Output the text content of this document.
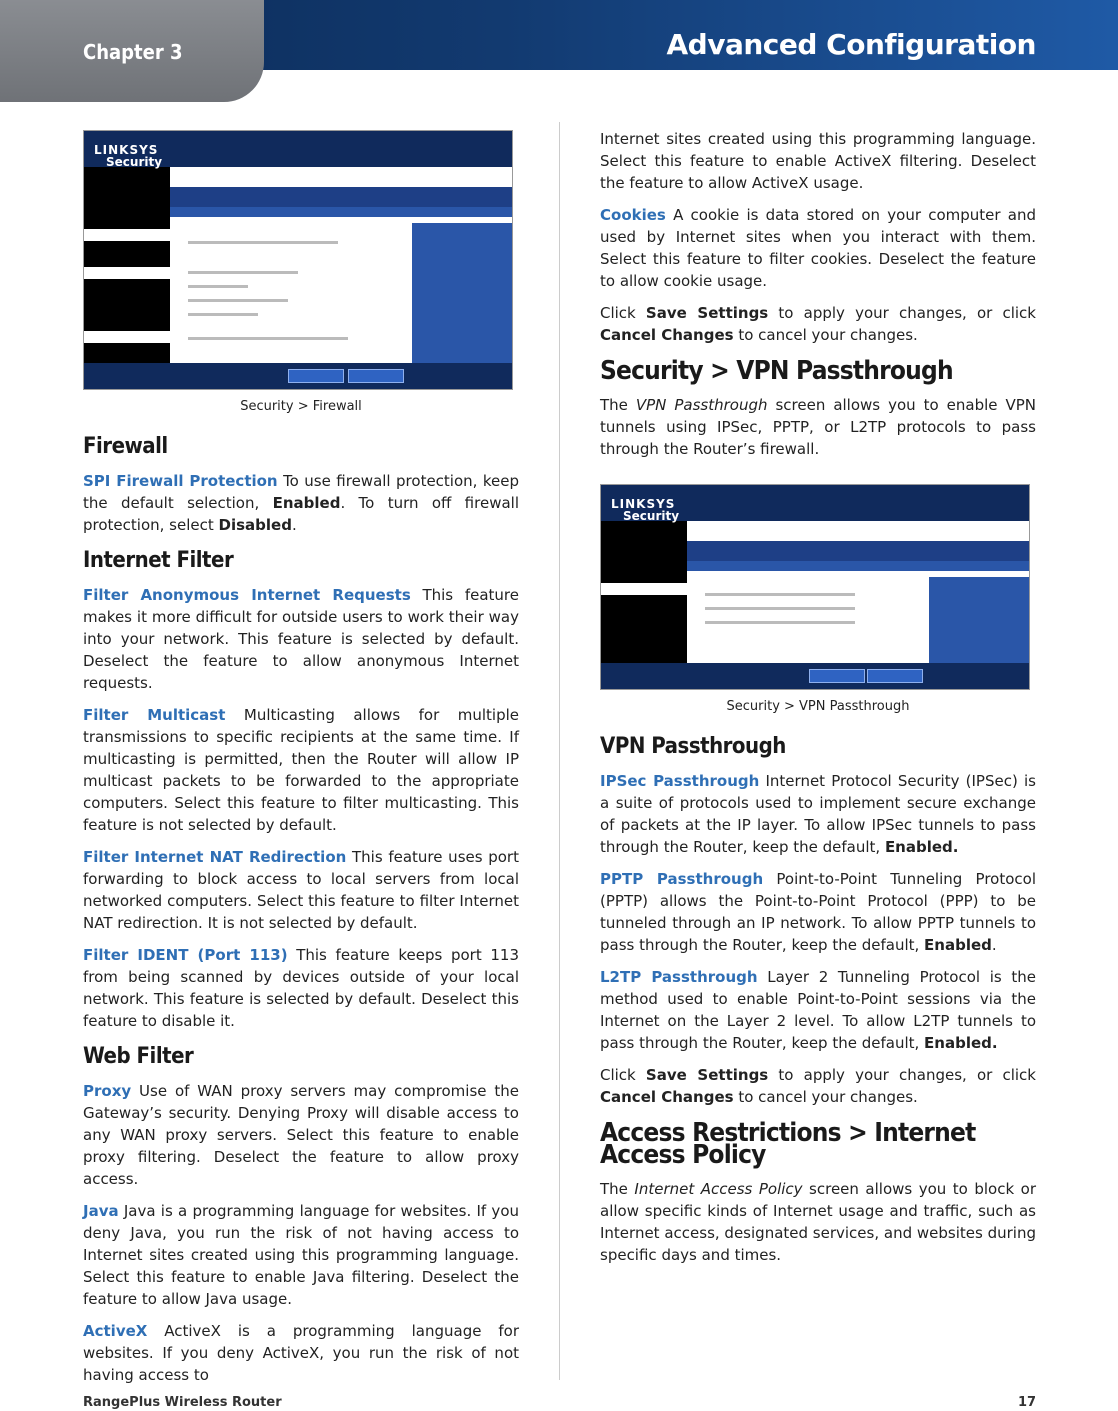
Chapter 3	Advanced Configuration
LINKSYS
Security
Security > Firewall
Firewall

SPI Firewall Protection To use firewall protection, keep the default selection, Enabled. To turn off firewall protection, select Disabled.

Internet Filter

Filter Anonymous Internet Requests This feature makes it more difficult for outside users to work their way into your network. This feature is selected by default. Deselect the feature to allow anonymous Internet requests.

Filter Multicast Multicasting allows for multiple transmissions to specific recipients at the same time. If multicasting is permitted, then the Router will allow IP multicast packets to be forwarded to the appropriate computers. Select this feature to filter multicasting. This feature is not selected by default.

Filter Internet NAT Redirection This feature uses port forwarding to block access to local servers from local networked computers. Select this feature to filter Internet NAT redirection. It is not selected by default.

Filter IDENT (Port 113) This feature keeps port 113 from being scanned by devices outside of your local network. This feature is selected by default. Deselect this feature to disable it.

Web Filter

Proxy Use of WAN proxy servers may compromise the Gateway’s security. Denying Proxy will disable access to any WAN proxy servers. Select this feature to enable proxy filtering. Deselect the feature to allow proxy access.

Java Java is a programming language for websites. If you deny Java, you run the risk of not having access to Internet sites created using this programming language. Select this feature to enable Java filtering. Deselect the feature to allow Java usage.

ActiveX ActiveX is a programming language for websites. If you deny ActiveX, you run the risk of not having access to

Internet sites created using this programming language. Select this feature to enable ActiveX filtering. Deselect the feature to allow ActiveX usage.

Cookies A cookie is data stored on your computer and used by Internet sites when you interact with them. Select this feature to filter cookies. Deselect the feature to allow cookie usage.

Click Save Settings to apply your changes, or click Cancel Changes to cancel your changes.

Security > VPN Passthrough

The VPN Passthrough screen allows you to enable VPN tunnels using IPSec, PPTP, or L2TP protocols to pass through the Router’s firewall.

LINKSYS
Security
Security > VPN Passthrough
VPN Passthrough

IPSec Passthrough Internet Protocol Security (IPSec) is a suite of protocols used to implement secure exchange of packets at the IP layer. To allow IPSec tunnels to pass through the Router, keep the default, Enabled.

PPTP Passthrough Point-to-Point Tunneling Protocol (PPTP) allows the Point-to-Point Protocol (PPP) to be tunneled through an IP network. To allow PPTP tunnels to pass through the Router, keep the default, Enabled.

L2TP Passthrough Layer 2 Tunneling Protocol is the method used to enable Point-to-Point sessions via the Internet on the Layer 2 level. To allow L2TP tunnels to pass through the Router, keep the default, Enabled.

Click Save Settings to apply your changes, or click Cancel Changes to cancel your changes.

Access Restrictions > Internet Access Policy

The Internet Access Policy screen allows you to block or allow specific kinds of Internet usage and traffic, such as Internet access, designated services, and websites during specific days and times.

RangePlus Wireless Router	17
